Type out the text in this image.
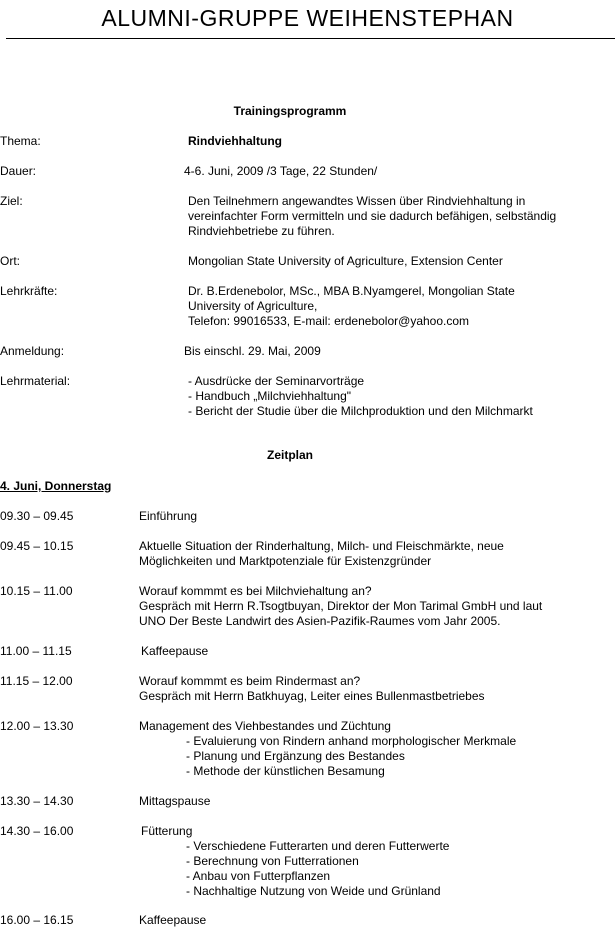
ALUMNI-GRUPPE WEIHENSTEPHAN
Trainingsprogramm
Thema:	Rindviehhaltung
Dauer:	4-6. Juni, 2009 /3 Tage, 22 Stunden/
Ziel:	Den Teilnehmern angewandtes Wissen über Rindviehhaltung in
vereinfachter Form vermitteln und sie dadurch befähigen, selbständig
Rindviehbetriebe zu führen.
Ort:	Mongolian State University of Agriculture, Extension Center
Lehrkräfte:	Dr. B.Erdenebolor, MSc., MBA B.Nyamgerel, Mongolian State
University of Agriculture,
Telefon: 99016533, E-mail: erdenebolor@yahoo.com
Anmeldung:	Bis einschl. 29. Mai, 2009
Lehrmaterial:	- Ausdrücke der Seminarvorträge
- Handbuch „Milchviehhaltung"
- Bericht der Studie über die Milchproduktion und den Milchmarkt
Zeitplan
4. Juni, Donnerstag
09.30 – 09.45	Einführung
09.45 – 10.15	Aktuelle Situation der Rinderhaltung, Milch- und Fleischmärkte, neue
Möglichkeiten und Marktpotenziale für Existenzgründer
10.15 – 11.00	Worauf kommmt es bei Milchviehaltung an?
Gespräch mit Herrn R.Tsogtbuyan, Direktor der Mon Tarimal GmbH und laut
UNO Der Beste Landwirt des Asien-Pazifik-Raumes vom Jahr 2005.
11.00 – 11.15	Kaffeepause
11.15 – 12.00	Worauf kommmt es beim Rindermast an?
Gespräch mit Herrn Batkhuyag, Leiter eines Bullenmastbetriebes
12.00 – 13.30	Management des Viehbestandes und Züchtung
- Evaluierung von Rindern anhand morphologischer Merkmale
- Planung und Ergänzung des Bestandes
- Methode der künstlichen Besamung
13.30 – 14.30	Mittagspause
14.30 – 16.00	Fütterung
- Verschiedene Futterarten und deren Futterwerte
- Berechnung von Futterrationen
- Anbau von Futterpflanzen
- Nachhaltige Nutzung von Weide und Grünland
16.00 – 16.15	Kaffeepause
